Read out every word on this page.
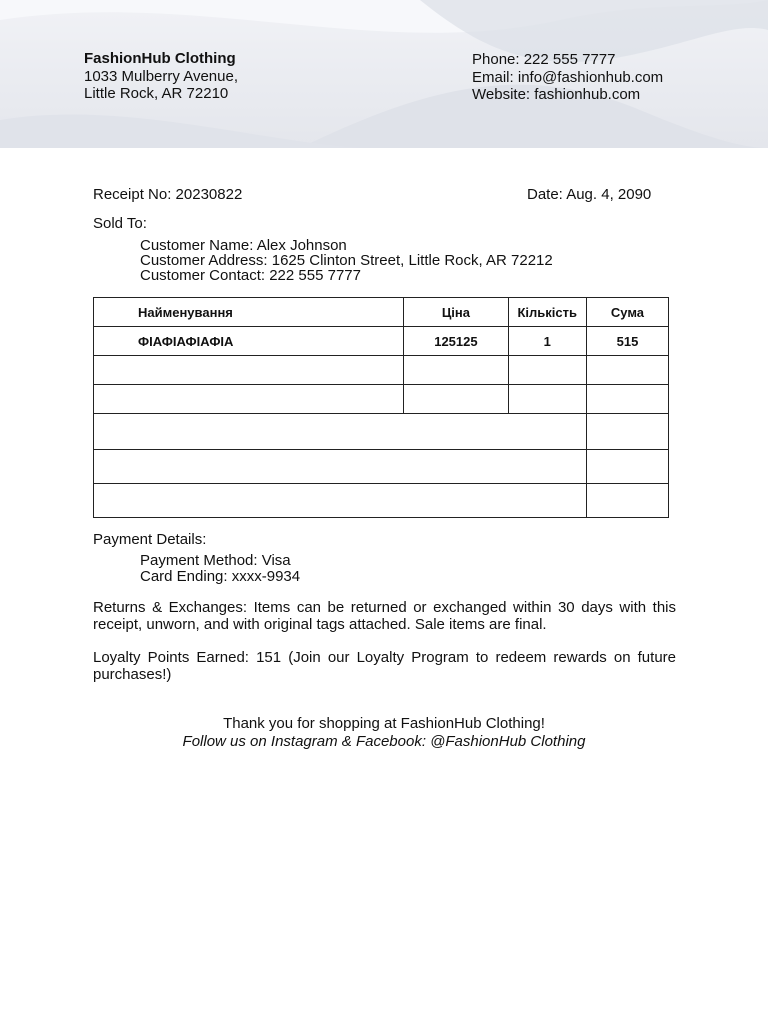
FashionHub Clothing
1033 Mulberry Avenue,
Little Rock, AR 72210
Phone: 222 555 7777
Email: info@fashionhub.com
Website: fashionhub.com
Receipt No: 20230822	Date: Aug. 4, 2090
Sold To:
Customer Name: Alex Johnson
Customer Address: 1625 Clinton Street, Little Rock, AR 72212
Customer Contact: 222 555 7777
Найменування	Ціна	Кількість	Сума
ФІАФІАФІАФІА	125125	1	515

Payment Details:
Payment Method: Visa
Card Ending: xxxx-9934
Returns & Exchanges: Items can be returned or exchanged within 30 days with this receipt, unworn, and with original tags attached. Sale items are final.
Loyalty Points Earned: 151 (Join our Loyalty Program to redeem rewards on future purchases!)
Thank you for shopping at FashionHub Clothing!
Follow us on Instagram & Facebook: @FashionHub Clothing
